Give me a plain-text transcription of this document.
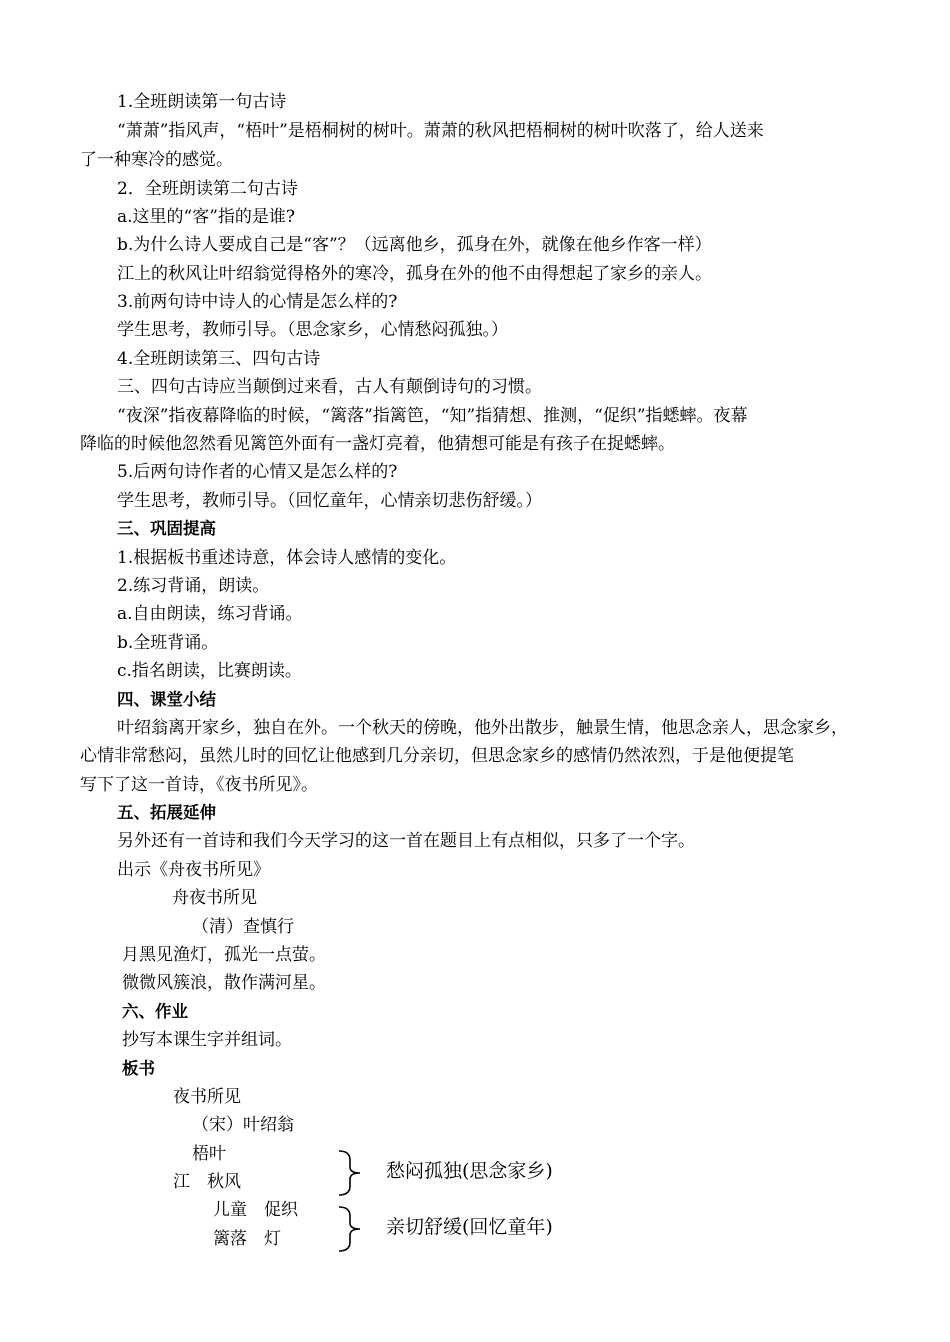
1.全班朗读第一句古诗
“萧萧”指风声，“梧叶”是梧桐树的树叶。萧萧的秋风把梧桐树的树叶吹落了，给人送来
了一种寒冷的感觉。
2．全班朗读第二句古诗
a.这里的“客”指的是谁?
b.为什么诗人要成自己是“客”？（远离他乡，孤身在外，就像在他乡作客一样）
江上的秋风让叶绍翁觉得格外的寒冷，孤身在外的他不由得想起了家乡的亲人。
3.前两句诗中诗人的心情是怎么样的?
学生思考，教师引导。（思念家乡，心情愁闷孤独。）
4.全班朗读第三、四句古诗
三、四句古诗应当颠倒过来看，古人有颠倒诗句的习惯。
“夜深”指夜幕降临的时候，“篱落”指篱笆，“知”指猜想、推测，“促织”指蟋蟀。夜幕
降临的时候他忽然看见篱笆外面有一盏灯亮着，他猜想可能是有孩子在捉蟋蟀。
5.后两句诗作者的心情又是怎么样的?
学生思考，教师引导。（回忆童年，心情亲切悲伤舒缓。）
三、巩固提高
1.根据板书重述诗意，体会诗人感情的变化。
2.练习背诵，朗读。
a.自由朗读，练习背诵。
b.全班背诵。
c.指名朗读，比赛朗读。
四、课堂小结
叶绍翁离开家乡，独自在外。一个秋天的傍晚，他外出散步，触景生情，他思念亲人，思念家乡，
心情非常愁闷，虽然儿时的回忆让他感到几分亲切，但思念家乡的感情仍然浓烈，于是他便提笔
写下了这一首诗，《夜书所见》。
五、拓展延伸
另外还有一首诗和我们今天学习的这一首在题目上有点相似，只多了一个字。
出示《舟夜书所见》
舟夜书所见
（清）查慎行
月黑见渔灯，孤光一点萤。
微微风簇浪，散作满河星。
六、作业
抄写本课生字并组词。
板书
夜书所见
（宋）叶绍翁
梧叶
江　秋风
儿童　促织
篱落　灯
愁闷孤独(思念家乡)
亲切舒缓(回忆童年)
